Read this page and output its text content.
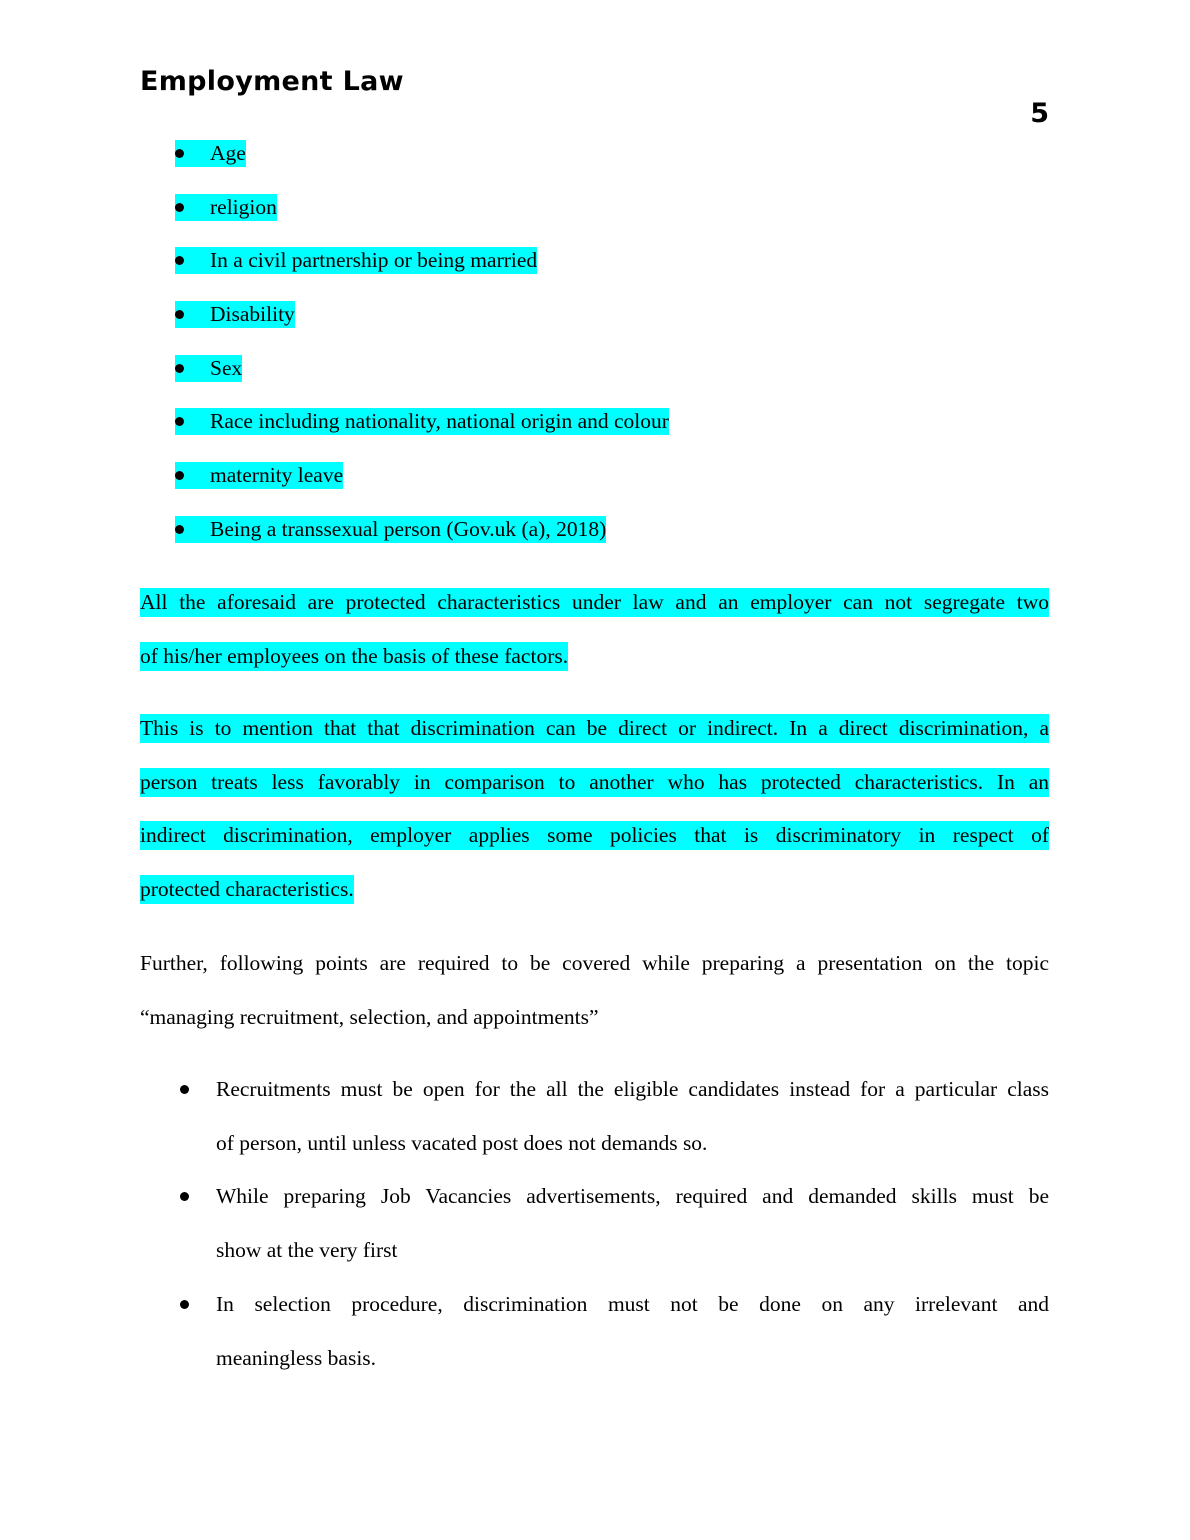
Employment Law
5
Age
religion
In a civil partnership or being married
Disability
Sex
Race including nationality, national origin and colour
maternity leave
Being a transsexual person (Gov.uk (a), 2018)
All the aforesaid are protected characteristics under law and an employer can not segregate two
of his/her employees on the basis of these factors.
This is to mention that that discrimination can be direct or indirect. In a direct discrimination, a
person treats less favorably in comparison to another who has protected characteristics. In an
indirect discrimination, employer applies some policies that is discriminatory in respect of
protected characteristics.
Further, following points are required to be covered while preparing a presentation on the topic
“managing recruitment, selection, and appointments”
Recruitments must be open for the all the eligible candidates instead for a particular class
of person, until unless vacated post does not demands so.
While preparing Job Vacancies advertisements, required and demanded skills must be
show at the very first
In selection procedure, discrimination must not be done on any irrelevant and
meaningless basis.
